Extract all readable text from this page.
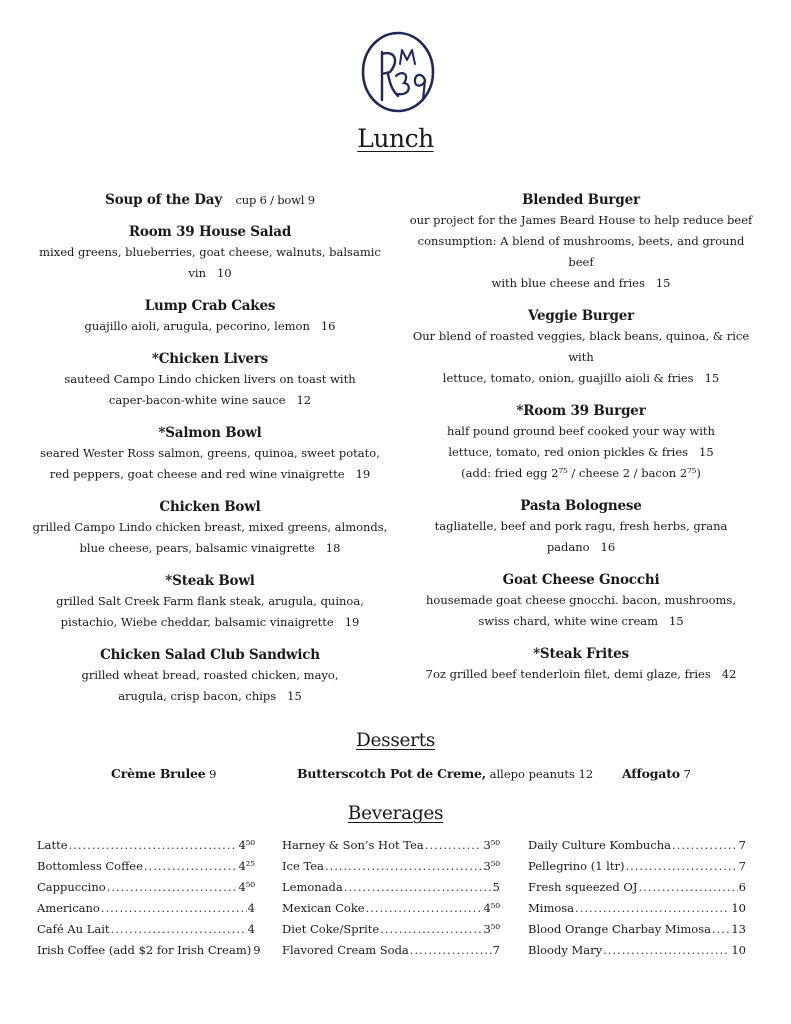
Lunch
Soup of the Day cup 6 / bowl 9
Room 39 House Salad
mixed greens, blueberries, goat cheese, walnuts, balsamic vin 10
Lump Crab Cakes
guajillo aioli, arugula, pecorino, lemon 16
*Chicken Livers
sauteed Campo Lindo chicken livers on toast with
caper-bacon-white wine sauce 12
*Salmon Bowl
seared Wester Ross salmon, greens, quinoa, sweet potato,
red peppers, goat cheese and red wine vinaigrette 19
Chicken Bowl
grilled Campo Lindo chicken breast, mixed greens, almonds,
blue cheese, pears, balsamic vinaigrette 18
*Steak Bowl
grilled Salt Creek Farm flank steak, arugula, quinoa,
pistachio, Wiebe cheddar, balsamic vinaigrette 19
Chicken Salad Club Sandwich
grilled wheat bread, roasted chicken, mayo,
arugula, crisp bacon, chips 15
Blended Burger
our project for the James Beard House to help reduce beef
consumption: A blend of mushrooms, beets, and ground beef
with blue cheese and fries 15
Veggie Burger
Our blend of roasted veggies, black beans, quinoa, & rice with
lettuce, tomato, onion, guajillo aioli & fries 15
*Room 39 Burger
half pound ground beef cooked your way with
lettuce, tomato, red onion pickles & fries 15
(add: fried egg 2⁷⁵ / cheese 2 / bacon 2⁷⁵)
Pasta Bolognese
tagliatelle, beef and pork ragu, fresh herbs, grana padano 16
Goat Cheese Gnocchi
housemade goat cheese gnocchi. bacon, mushrooms,
swiss chard, white wine cream 15
*Steak Frites
7oz grilled beef tenderloin filet, demi glaze, fries 42
Desserts
Crème Brulee 9	Butterscotch Pot de Creme, allepo peanuts 12 Affogato 7
Beverages
Latte .....	4⁵⁰
Bottomless Coffee .....	4²⁵
Cappuccino .....	4⁵⁰
Americano .....	4
Café Au Lait .....	4
Irish Coffee (add $2 for Irish Cream) 9
Harney & Son’s Hot Tea .....	3⁵⁰
Ice Tea .....	3⁵⁰
Lemonada .....	5
Mexican Coke .....	4⁵⁰
Diet Coke/Sprite .....	3⁵⁰
Flavored Cream Soda .....	7
Daily Culture Kombucha .....	7
Pellegrino (1 ltr) .....	7
Fresh squeezed OJ .....	6
Mimosa .....	10
Blood Orange Charbay Mimosa ..... 13
Bloody Mary .....	10
